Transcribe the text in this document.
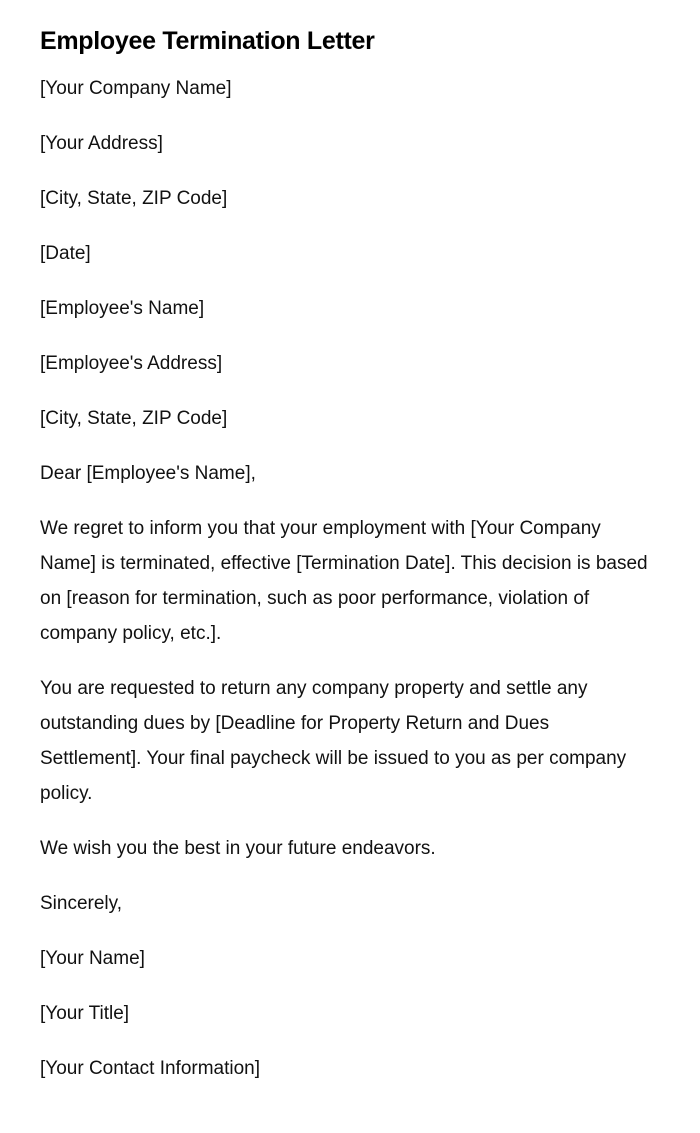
Employee Termination Letter
[Your Company Name]
[Your Address]
[City, State, ZIP Code]
[Date]
[Employee's Name]
[Employee's Address]
[City, State, ZIP Code]
Dear [Employee's Name],

We regret to inform you that your employment with [Your Company Name] is terminated, effective [Termination Date]. This decision is based on [reason for termination, such as poor performance, violation of company policy, etc.].

You are requested to return any company property and settle any outstanding dues by [Deadline for Property Return and Dues Settlement]. Your final paycheck will be issued to you as per company policy.

We wish you the best in your future endeavors.

Sincerely,
[Your Name]
[Your Title]
[Your Contact Information]
